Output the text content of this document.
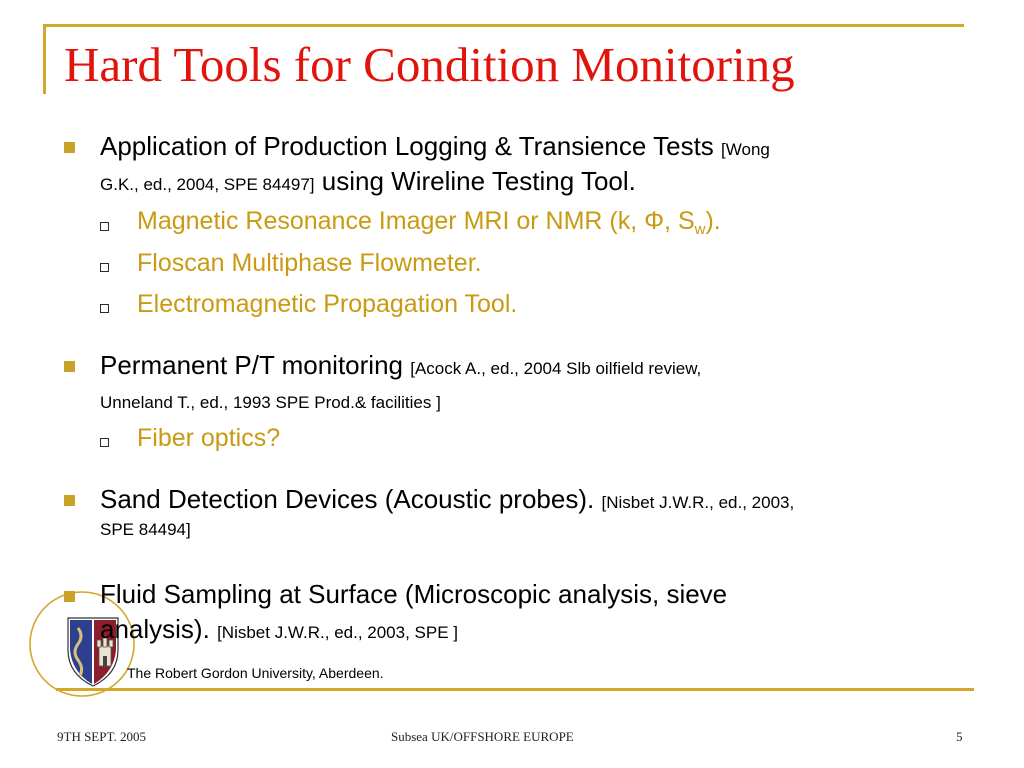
Hard Tools for Condition Monitoring
Application of Production Logging & Transience Tests [Wong
G.K., ed., 2004, SPE 84497] using Wireline Testing Tool.
Magnetic Resonance Imager MRI or NMR (k, Φ, $S_w$).
Floscan Multiphase Flowmeter.
Electromagnetic Propagation Tool.
Permanent P/T monitoring [Acock A., ed., 2004 Slb oilfield review,
Unneland T., ed., 1993 SPE Prod.& facilities ]
Fiber optics?
Sand Detection Devices (Acoustic probes). [Nisbet J.W.R., ed., 2003,
SPE 84494]
Fluid Sampling at Surface (Microscopic analysis, sieve
analysis). [Nisbet J.W.R., ed., 2003, SPE ]
The Robert Gordon University, Aberdeen.
9TH SEPT. 2005	Subsea UK/OFFSHORE EUROPE	5
